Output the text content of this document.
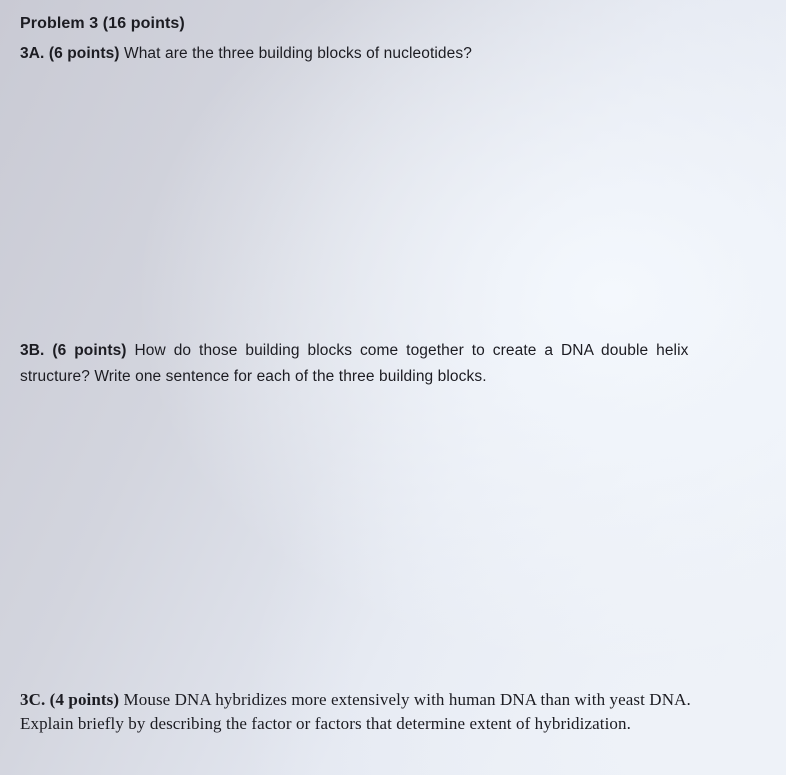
Problem 3 (16 points)
3A. (6 points) What are the three building blocks of nucleotides?
3B. (6 points) How do those building blocks come together to create a DNA double helix
structure? Write one sentence for each of the three building blocks.
3C. (4 points) Mouse DNA hybridizes more extensively with human DNA than with yeast DNA.
Explain briefly by describing the factor or factors that determine extent of hybridization.
